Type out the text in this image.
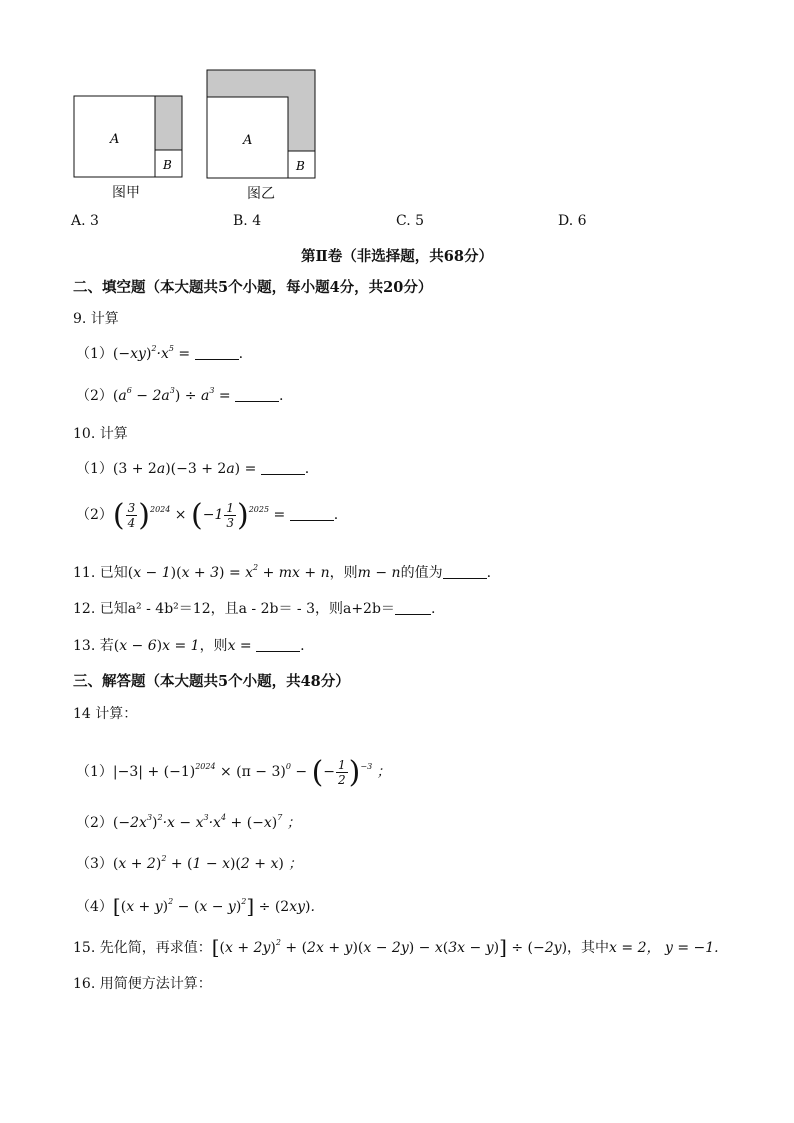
A
B
图甲
A
B
图乙
A. 3	B. 4	C. 5	D. 6
第Ⅱ卷（非选择题，共68分）
二、填空题（本大题共5个小题，每小题4分，共20分）
9. 计算
$(1)(-xy)^2\cdot x^5$ =	.
$(2)(a^6 - 2a^3) \div a^3$ =	.
10. 计算
（1）(3 + 2a)(−3 + 2a) =	.
$(2)( \frac{3}{4} )^{2024} \times (-1 \frac{1}{3} )^{2025}$ =	.
11. 已知$(x - 1)(x + 3) = x^2$ + mx + n，则m − n的值为	.
12. 已知a² - 4b²＝12，且a - 2b＝ - 3，则a+2b＝	.
13. 若(x − 6)x = 1，则x =	.
三、解答题（本大题共5个小题，共48分）
14 计算：
$(1)|-3| + (-1)^{2024} \times (\pi - 3)^0$ − (− $\frac{1}{2} )^{-3}$ ；
$(2)(-2x^3)^2\cdot x - x^3\cdot x^4 + (-x)^7$ ；
$(3)(x + 2)^2 + (1 - x)(2 + x)$ ；
$(4)[(x + y)^2 - (x - y)^2] \div (2xy)$.
15. 先化简，再求值：$[(x + 2y)^2 + (2x + y)(x - 2y) - x(3x - y)] \div (-2y)$，其中x = 2， y = −1.
16. 用简便方法计算：
